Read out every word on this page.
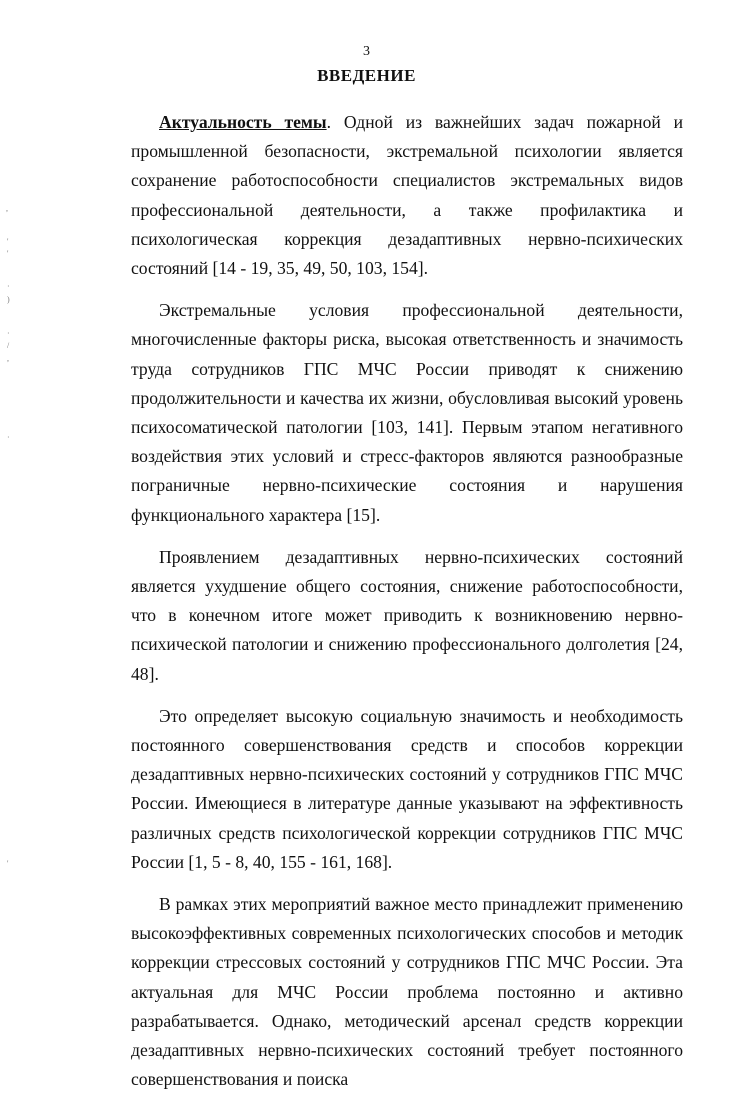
,
'
'
·
)
·
/
,
·
'
3
ВВЕДЕНИЕ

Актуальность темы. Одной из важнейших задач пожарной и промышленной безопасности, экстремальной психологии является сохранение работоспособности специалистов экстремальных видов профессиональной деятельности, а также профилактика и психологическая коррекция дезадаптивных нервно-психических состояний [14 - 19, 35, 49, 50, 103, 154].

Экстремальные условия профессиональной деятельности, многочисленные факторы риска, высокая ответственность и значимость труда сотрудников ГПС МЧС России приводят к снижению продолжительности и качества их жизни, обусловливая высокий уровень психосоматической патологии [103, 141]. Первым этапом негативного воздействия этих условий и стресс-факторов являются разнообразные пограничные нервно-психические состояния и нарушения функционального характера [15].

Проявлением дезадаптивных нервно-психических состояний является ухудшение общего состояния, снижение работоспособности, что в конечном итоге может приводить к возникновению нервно-психической патологии и снижению профессионального долголетия [24, 48].

Это определяет высокую социальную значимость и необходимость постоянного совершенствования средств и способов коррекции дезадаптивных нервно-психических состояний у сотрудников ГПС МЧС России. Имеющиеся в литературе данные указывают на эффективность различных средств психологической коррекции сотрудников ГПС МЧС России [1, 5 - 8, 40, 155 - 161, 168].

В рамках этих мероприятий важное место принадлежит применению высокоэффективных современных психологических способов и методик коррекции стрессовых состояний у сотрудников ГПС МЧС России. Эта актуальная для МЧС России проблема постоянно и активно разрабатывается. Однако, методический арсенал средств коррекции дезадаптивных нервно-психических состояний требует постоянного совершенствования и поиска
